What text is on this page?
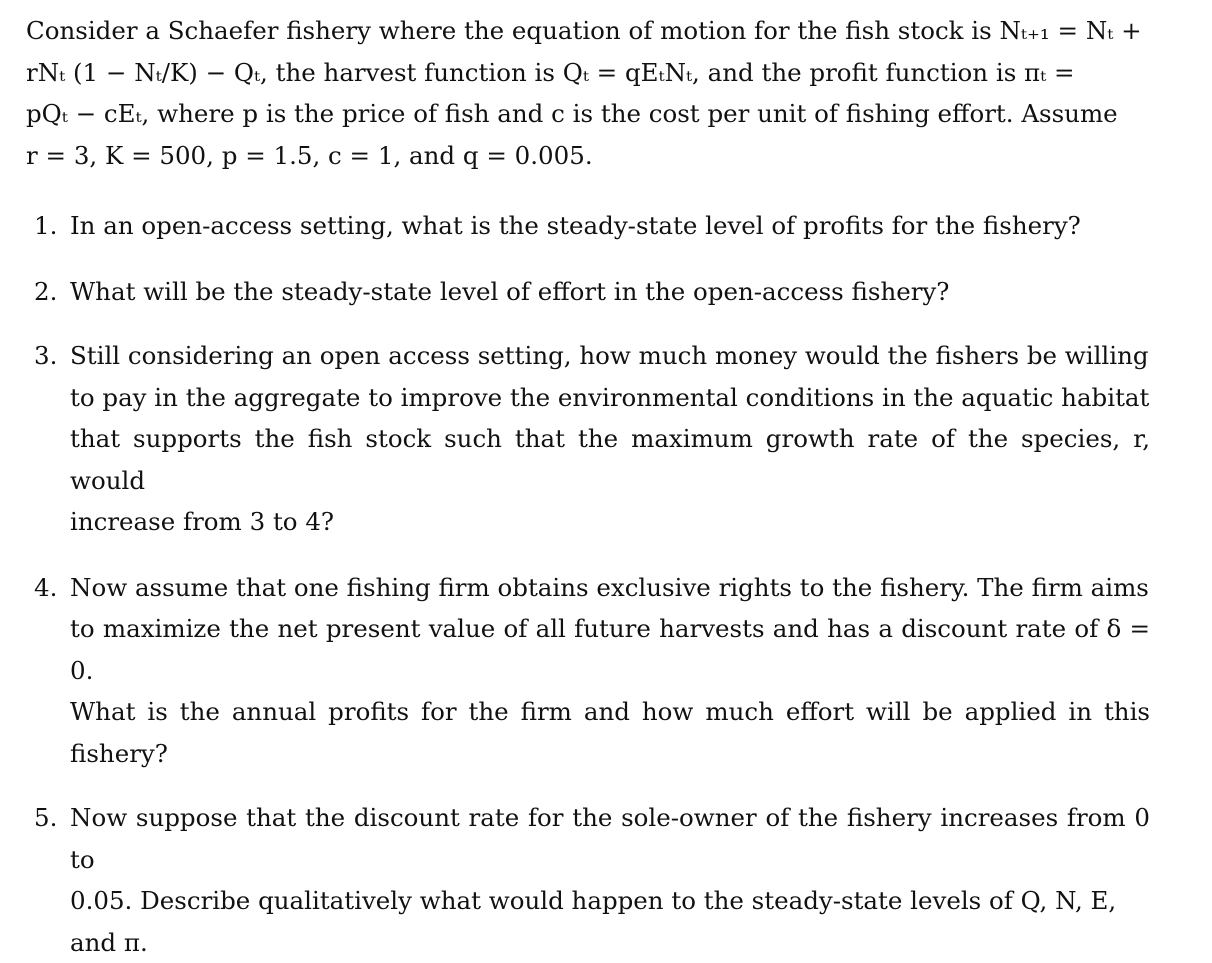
Consider a Schaefer fishery where the equation of motion for the fish stock is Nₜ₊₁ = Nₜ +
rNₜ (1 − Nₜ/K) − Qₜ, the harvest function is Qₜ = qEₜNₜ, and the profit function is πₜ =
pQₜ − cEₜ, where p is the price of fish and c is the cost per unit of fishing effort. Assume
r = 3, K = 500, p = 1.5, c = 1, and q = 0.005.

1. In an open-access setting, what is the steady-state level of profits for the fishery?
2. What will be the steady-state level of effort in the open-access fishery?
3. Still considering an open access setting, how much money would the fishers be willing
to pay in the aggregate to improve the environmental conditions in the aquatic habitat
that supports the fish stock such that the maximum growth rate of the species, r, would
increase from 3 to 4?
4. Now assume that one fishing firm obtains exclusive rights to the fishery. The firm aims
to maximize the net present value of all future harvests and has a discount rate of δ = 0.
What is the annual profits for the firm and how much effort will be applied in this fishery?
5. Now suppose that the discount rate for the sole-owner of the fishery increases from 0 to
0.05. Describe qualitatively what would happen to the steady-state levels of Q, N, E,
and π.
